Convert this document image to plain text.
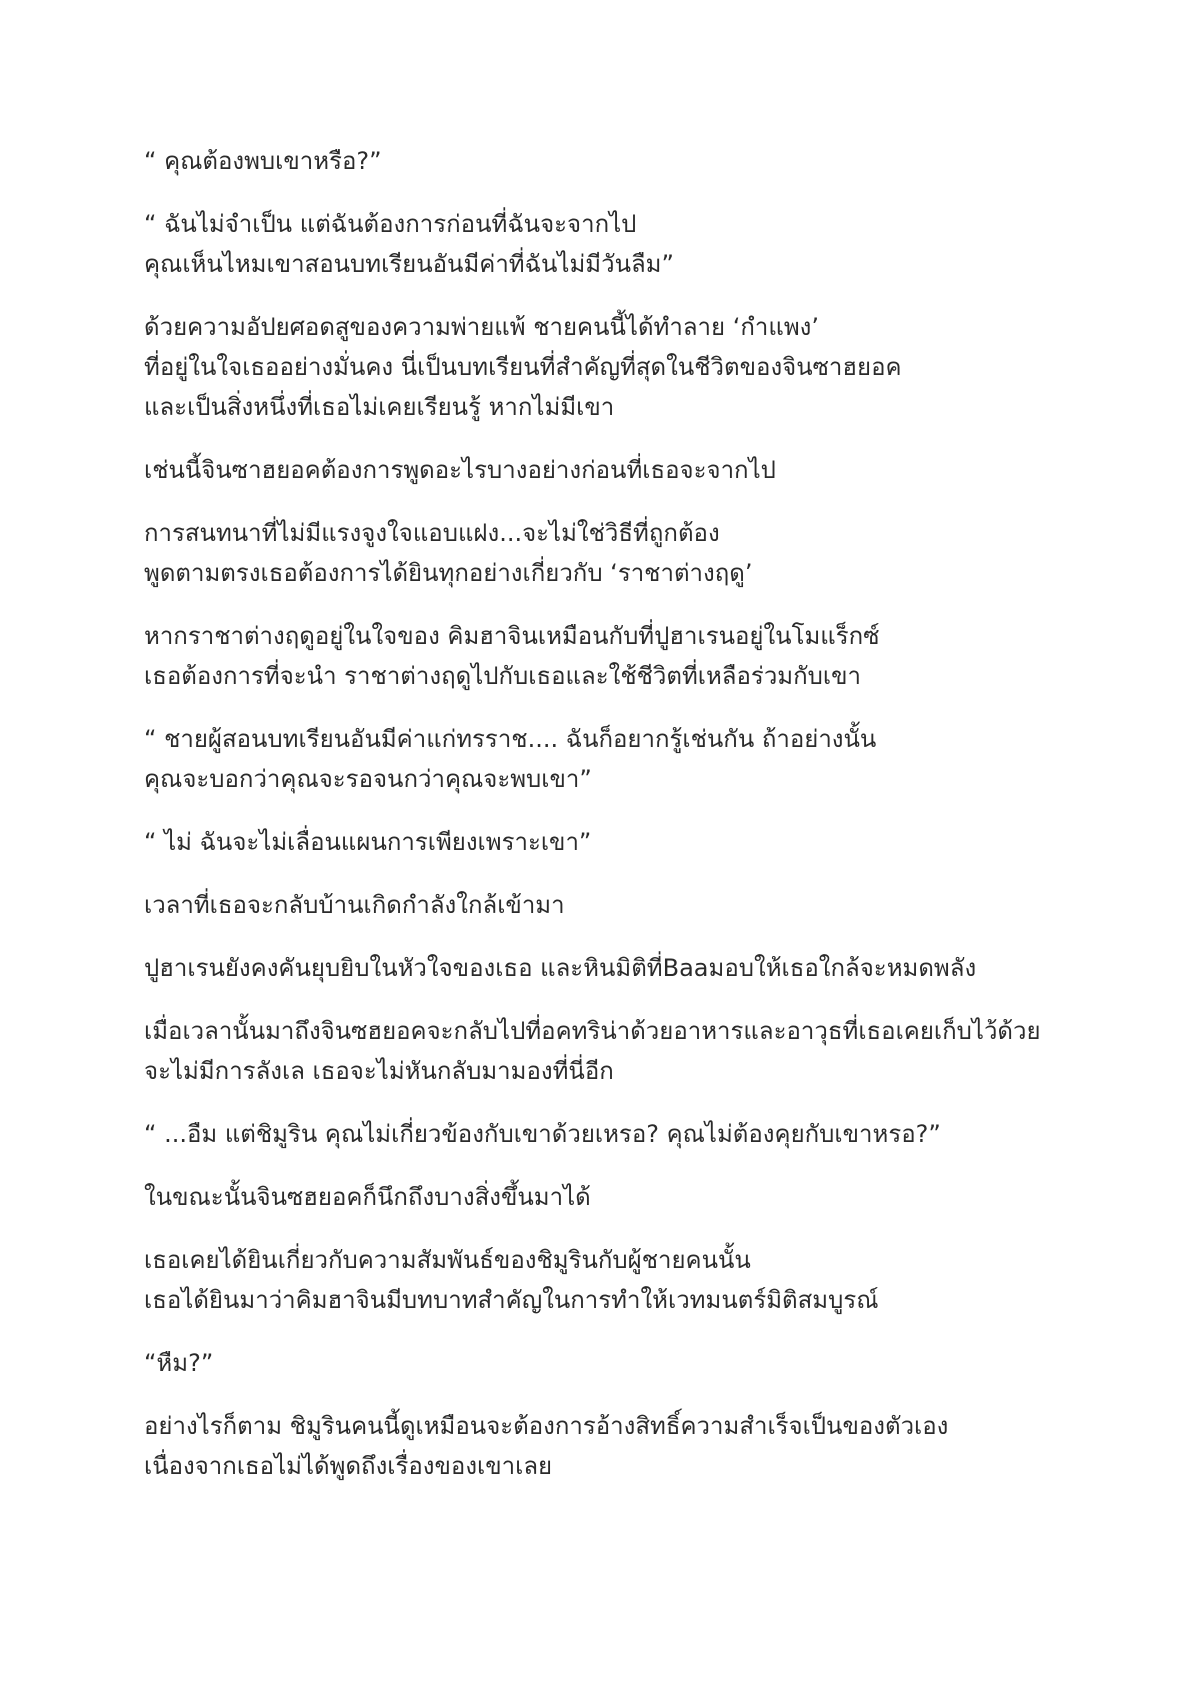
“ คุณต้องพบเขาหรือ?”

“ ฉันไม่จำเป็น แต่ฉันต้องการก่อนที่ฉันจะจากไป
คุณเห็นไหมเขาสอนบทเรียนอันมีค่าที่ฉันไม่มีวันลืม”

ด้วยความอัปยศอดสูของความพ่ายแพ้ ชายคนนี้ได้ทำลาย ‘กำแพง’
ที่อยู่ในใจเธออย่างมั่นคง นี่เป็นบทเรียนที่สำคัญที่สุดในชีวิตของจินซาฮยอค
และเป็นสิ่งหนึ่งที่เธอไม่เคยเรียนรู้ หากไม่มีเขา

เช่นนี้จินซาฮยอคต้องการพูดอะไรบางอย่างก่อนที่เธอจะจากไป

การสนทนาที่ไม่มีแรงจูงใจแอบแฝง...จะไม่ใช่วิธีที่ถูกต้อง
พูดตามตรงเธอต้องการได้ยินทุกอย่างเกี่ยวกับ ‘ราชาต่างฤดู’

หากราชาต่างฤดูอยู่ในใจของ คิมฮาจินเหมือนกับที่ปูฮาเรนอยู่ในโมแร็กซ์
เธอต้องการที่จะนำ ราชาต่างฤดูไปกับเธอและใช้ชีวิตที่เหลือร่วมกับเขา

“ ชายผู้สอนบทเรียนอันมีค่าแก่ทรราช.... ฉันก็อยากรู้เช่นกัน ถ้าอย่างนั้น
คุณจะบอกว่าคุณจะรอจนกว่าคุณจะพบเขา”

“ ไม่ ฉันจะไม่เลื่อนแผนการเพียงเพราะเขา”

เวลาที่เธอจะกลับบ้านเกิดกำลังใกล้เข้ามา

ปูฮาเรนยังคงคันยุบยิบในหัวใจของเธอ และหินมิติที่Baaมอบให้เธอใกล้จะหมดพลัง

เมื่อเวลานั้นมาถึงจินซฮยอคจะกลับไปที่อคทริน่าด้วยอาหารและอาวุธที่เธอเคยเก็บไว้ด้วย
จะไม่มีการลังเล เธอจะไม่หันกลับมามองที่นี่อีก

“ ...อืม แต่ชิมูริน คุณไม่เกี่ยวข้องกับเขาด้วยเหรอ? คุณไม่ต้องคุยกับเขาหรอ?”

ในขณะนั้นจินซฮยอคก็นึกถึงบางสิ่งขึ้นมาได้

เธอเคยได้ยินเกี่ยวกับความสัมพันธ์ของชิมูรินกับผู้ชายคนนั้น
เธอได้ยินมาว่าคิมฮาจินมีบทบาทสำคัญในการทำให้เวทมนตร์มิติสมบูรณ์

“หืม?”

อย่างไรก็ตาม ชิมูรินคนนี้ดูเหมือนจะต้องการอ้างสิทธิ์ความสำเร็จเป็นของตัวเอง
เนื่องจากเธอไม่ได้พูดถึงเรื่องของเขาเลย
